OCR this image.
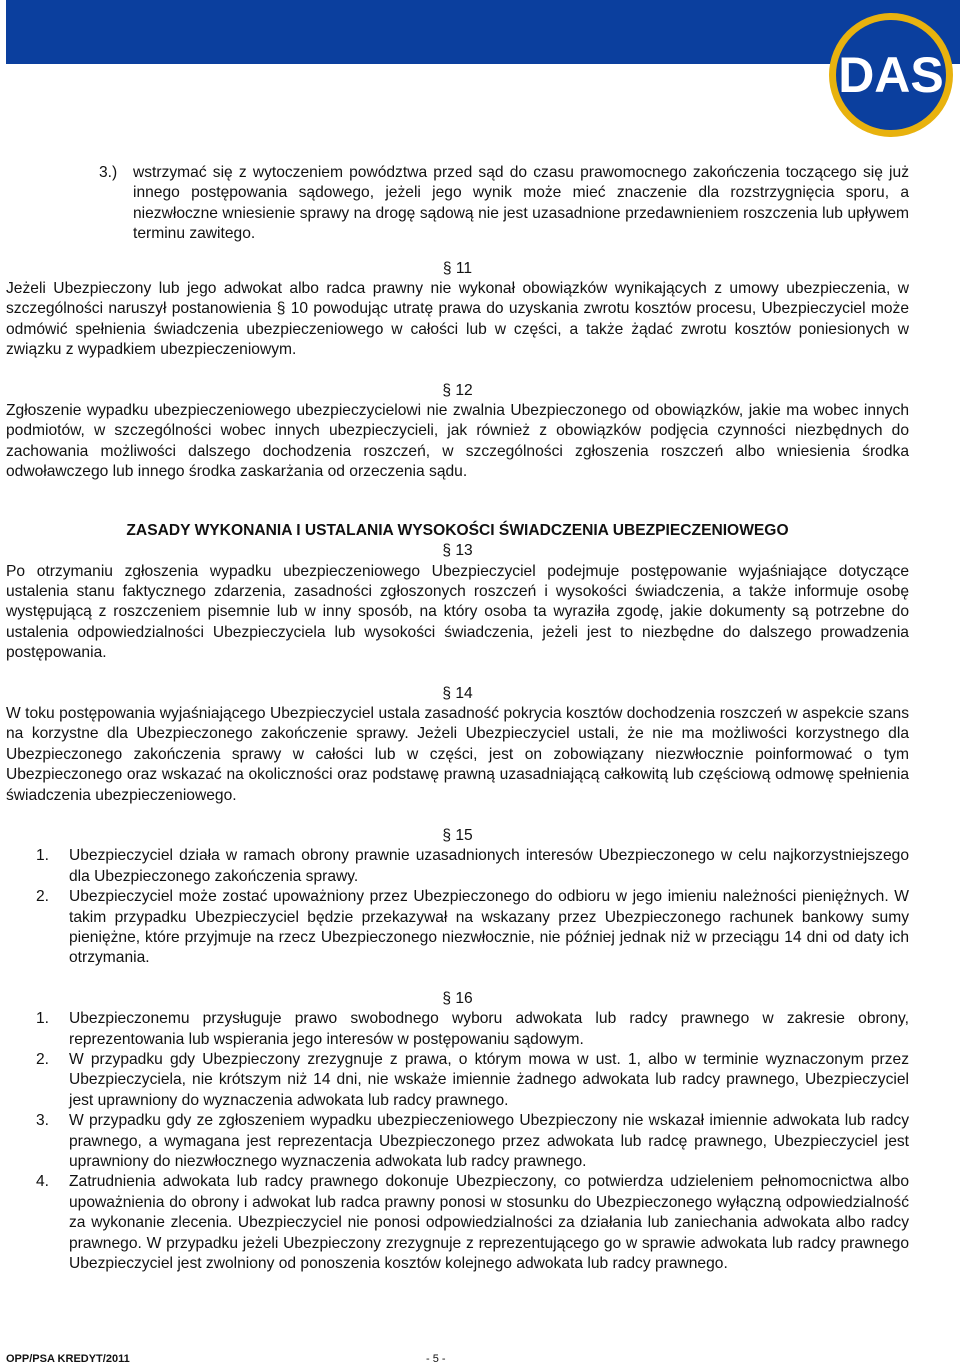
DAS

3.) wstrzymać się z wytoczeniem powództwa przed sąd do czasu prawomocnego zakończenia toczącego się już innego postępowania sądowego, jeżeli jego wynik może mieć znaczenie dla rozstrzygnięcia sporu, a niezwłoczne wniesienie sprawy na drogę sądową nie jest uzasadnione przedawnieniem roszczenia lub upływem terminu zawitego.

§ 11

Jeżeli Ubezpieczony lub jego adwokat albo radca prawny nie wykonał obowiązków wynikających z umowy ubezpieczenia, w szczególności naruszył postanowienia § 10 powodując utratę prawa do uzyskania zwrotu kosztów procesu, Ubezpieczyciel może odmówić spełnienia świadczenia ubezpieczeniowego w całości lub w części, a także żądać zwrotu kosztów poniesionych w związku z wypadkiem ubezpieczeniowym.

§ 12

Zgłoszenie wypadku ubezpieczeniowego ubezpieczycielowi nie zwalnia Ubezpieczonego od obowiązków, jakie ma wobec innych podmiotów, w szczególności wobec innych ubezpieczycieli, jak również z obowiązków podjęcia czynności niezbędnych do zachowania możliwości dalszego dochodzenia roszczeń, w szczególności zgłoszenia roszczeń albo wniesienia środka odwoławczego lub innego środka zaskarżania od orzeczenia sądu.

ZASADY WYKONANIA I USTALANIA WYSOKOŚCI ŚWIADCZENIA UBEZPIECZENIOWEGO

§ 13

Po otrzymaniu zgłoszenia wypadku ubezpieczeniowego Ubezpieczyciel podejmuje postępowanie wyjaśniające dotyczące ustalenia stanu faktycznego zdarzenia, zasadności zgłoszonych roszczeń i wysokości świadczenia, a także informuje osobę występującą z roszczeniem pisemnie lub w inny sposób, na który osoba ta wyraziła zgodę, jakie dokumenty są potrzebne do ustalenia odpowiedzialności Ubezpieczyciela lub wysokości świadczenia, jeżeli jest to niezbędne do dalszego prowadzenia postępowania.

§ 14

W toku postępowania wyjaśniającego Ubezpieczyciel ustala zasadność pokrycia kosztów dochodzenia roszczeń w aspekcie szans na korzystne dla Ubezpieczonego zakończenie sprawy. Jeżeli Ubezpieczyciel ustali, że nie ma możliwości korzystnego dla Ubezpieczonego zakończenia sprawy w całości lub w części, jest on zobowiązany niezwłocznie poinformować o tym Ubezpieczonego oraz wskazać na okoliczności oraz podstawę prawną uzasadniającą całkowitą lub częściową odmowę spełnienia świadczenia ubezpieczeniowego.

§ 15

1. Ubezpieczyciel działa w ramach obrony prawnie uzasadnionych interesów Ubezpieczonego w celu najkorzystniejszego dla Ubezpieczonego zakończenia sprawy.
2. Ubezpieczyciel może zostać upoważniony przez Ubezpieczonego do odbioru w jego imieniu należności pieniężnych. W takim przypadku Ubezpieczyciel będzie przekazywał na wskazany przez Ubezpieczonego rachunek bankowy sumy pieniężne, które przyjmuje na rzecz Ubezpieczonego niezwłocznie, nie później jednak niż w przeciągu 14 dni od daty ich otrzymania.

§ 16

1. Ubezpieczonemu przysługuje prawo swobodnego wyboru adwokata lub radcy prawnego w zakresie obrony, reprezentowania lub wspierania jego interesów w postępowaniu sądowym.
2. W przypadku gdy Ubezpieczony zrezygnuje z prawa, o którym mowa w ust. 1, albo w terminie wyznaczonym przez Ubezpieczyciela, nie krótszym niż 14 dni, nie wskaże imiennie żadnego adwokata lub radcy prawnego, Ubezpieczyciel jest uprawniony do wyznaczenia adwokata lub radcy prawnego.
3. W przypadku gdy ze zgłoszeniem wypadku ubezpieczeniowego Ubezpieczony nie wskazał imiennie adwokata lub radcy prawnego, a wymagana jest reprezentacja Ubezpieczonego przez adwokata lub radcę prawnego, Ubezpieczyciel jest uprawniony do niezwłocznego wyznaczenia adwokata lub radcy prawnego.
4. Zatrudnienia adwokata lub radcy prawnego dokonuje Ubezpieczony, co potwierdza udzieleniem pełnomocnictwa albo upoważnienia do obrony i adwokat lub radca prawny ponosi w stosunku do Ubezpieczonego wyłączną odpowiedzialność za wykonanie zlecenia. Ubezpieczyciel nie ponosi odpowiedzialności za działania lub zaniechania adwokata albo radcy prawnego. W przypadku jeżeli Ubezpieczony zrezygnuje z reprezentującego go w sprawie adwokata lub radcy prawnego Ubezpieczyciel jest zwolniony od ponoszenia kosztów kolejnego adwokata lub radcy prawnego.
OPP/PSA KREDYT/2011	- 5 -
